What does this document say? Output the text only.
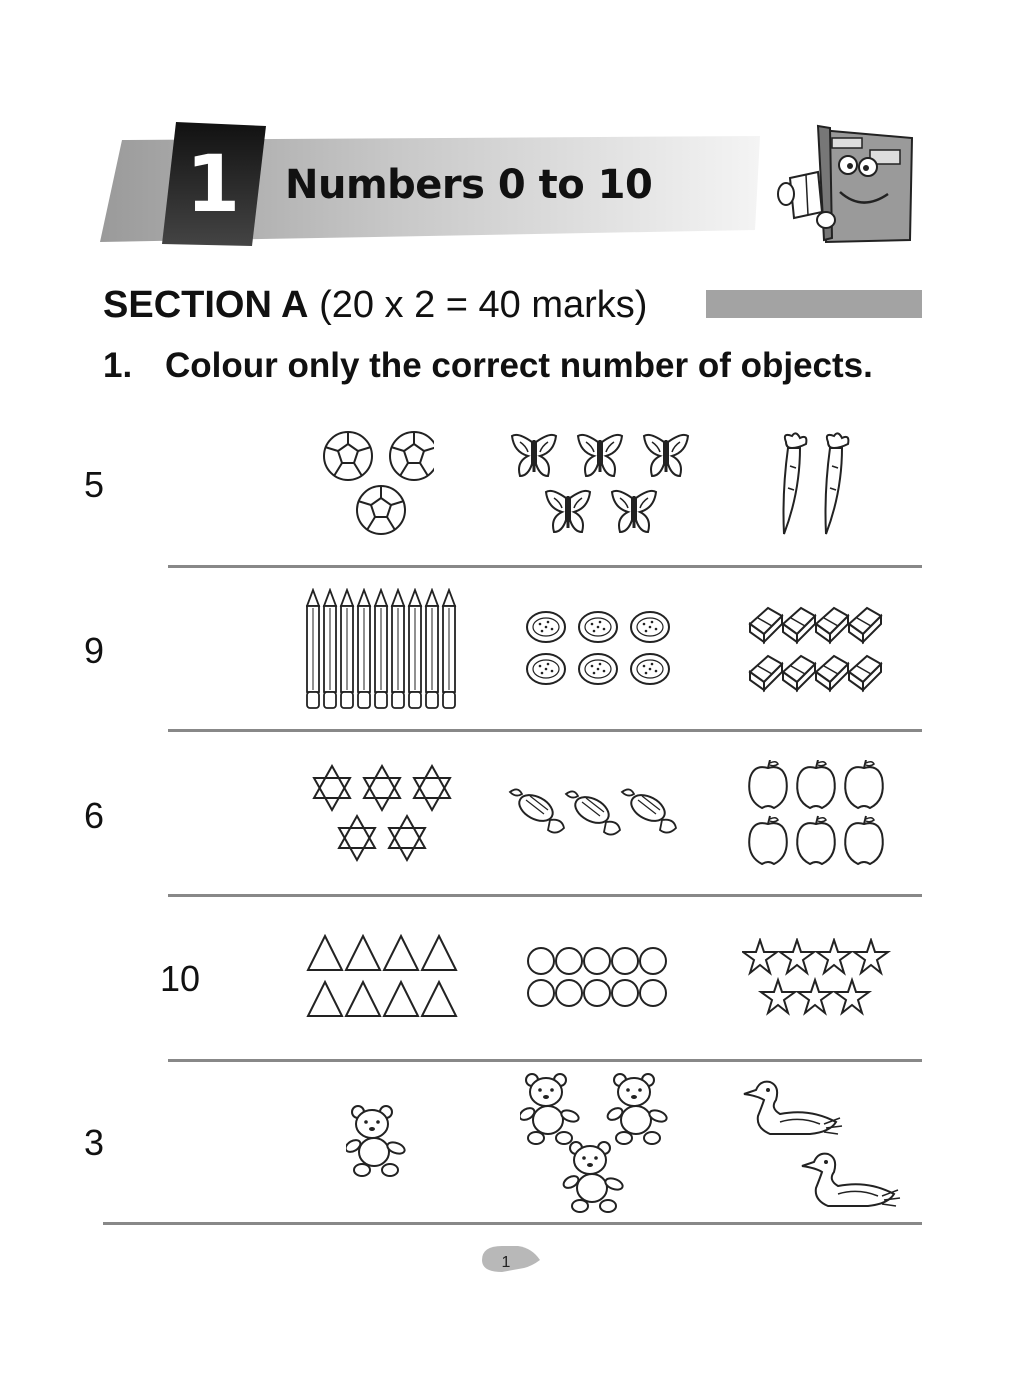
1 Numbers 0 to 10
SECTION A (20 x 2 = 40 marks)
1. Colour only the correct number of objects.
5
9
6
10
3
1
